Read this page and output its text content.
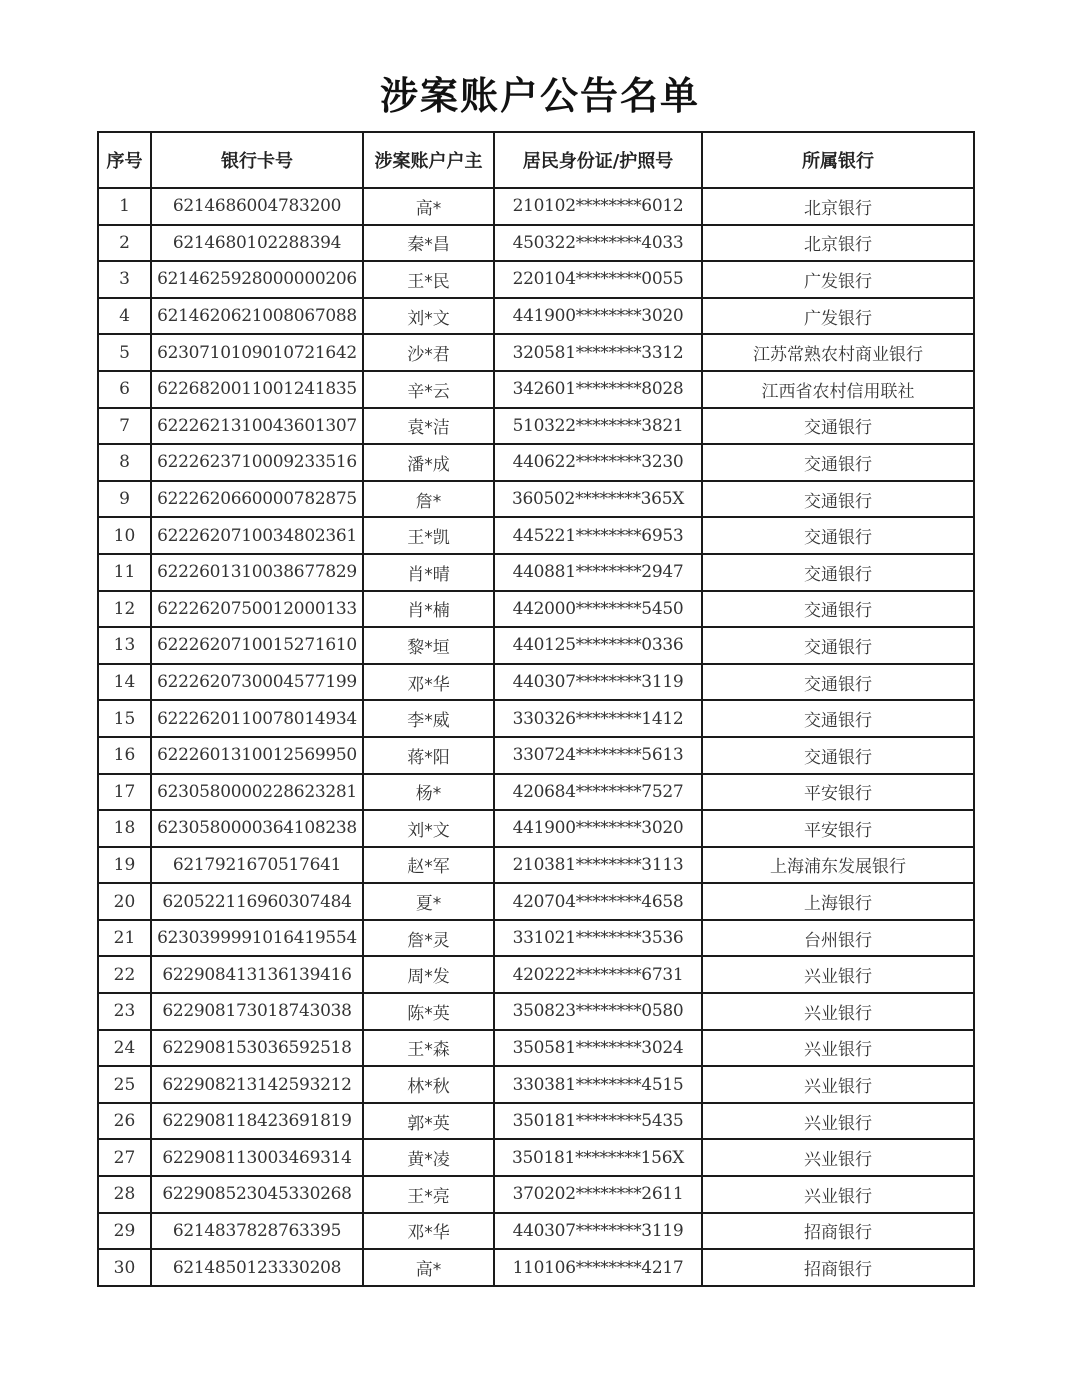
涉案账户公告名单
序号	银行卡号	涉案账户户主	居民身份证/护照号	所属银行
1	6214686004783200	高*	210102********6012	北京银行
2	6214680102288394	秦*昌	450322********4033	北京银行
3	6214625928000000206	王*民	220104********0055	广发银行
4	6214620621008067088	刘*文	441900********3020	广发银行
5	6230710109010721642	沙*君	320581********3312	江苏常熟农村商业银行
6	6226820011001241835	辛*云	342601********8028	江西省农村信用联社
7	6222621310043601307	袁*洁	510322********3821	交通银行
8	6222623710009233516	潘*成	440622********3230	交通银行
9	6222620660000782875	詹*	360502********365X	交通银行
10	6222620710034802361	王*凯	445221********6953	交通银行
11	6222601310038677829	肖*晴	440881********2947	交通银行
12	6222620750012000133	肖*楠	442000********5450	交通银行
13	6222620710015271610	黎*垣	440125********0336	交通银行
14	6222620730004577199	邓*华	440307********3119	交通银行
15	6222620110078014934	李*威	330326********1412	交通银行
16	6222601310012569950	蒋*阳	330724********5613	交通银行
17	6230580000228623281	杨*	420684********7527	平安银行
18	6230580000364108238	刘*文	441900********3020	平安银行
19	6217921670517641	赵*军	210381********3113	上海浦东发展银行
20	620522116960307484	夏*	420704********4658	上海银行
21	6230399991016419554	詹*灵	331021********3536	台州银行
22	622908413136139416	周*发	420222********6731	兴业银行
23	622908173018743038	陈*英	350823********0580	兴业银行
24	622908153036592518	王*森	350581********3024	兴业银行
25	622908213142593212	林*秋	330381********4515	兴业银行
26	622908118423691819	郭*英	350181********5435	兴业银行
27	622908113003469314	黄*凌	350181********156X	兴业银行
28	622908523045330268	王*亮	370202********2611	兴业银行
29	6214837828763395	邓*华	440307********3119	招商银行
30	6214850123330208	高*	110106********4217	招商银行
